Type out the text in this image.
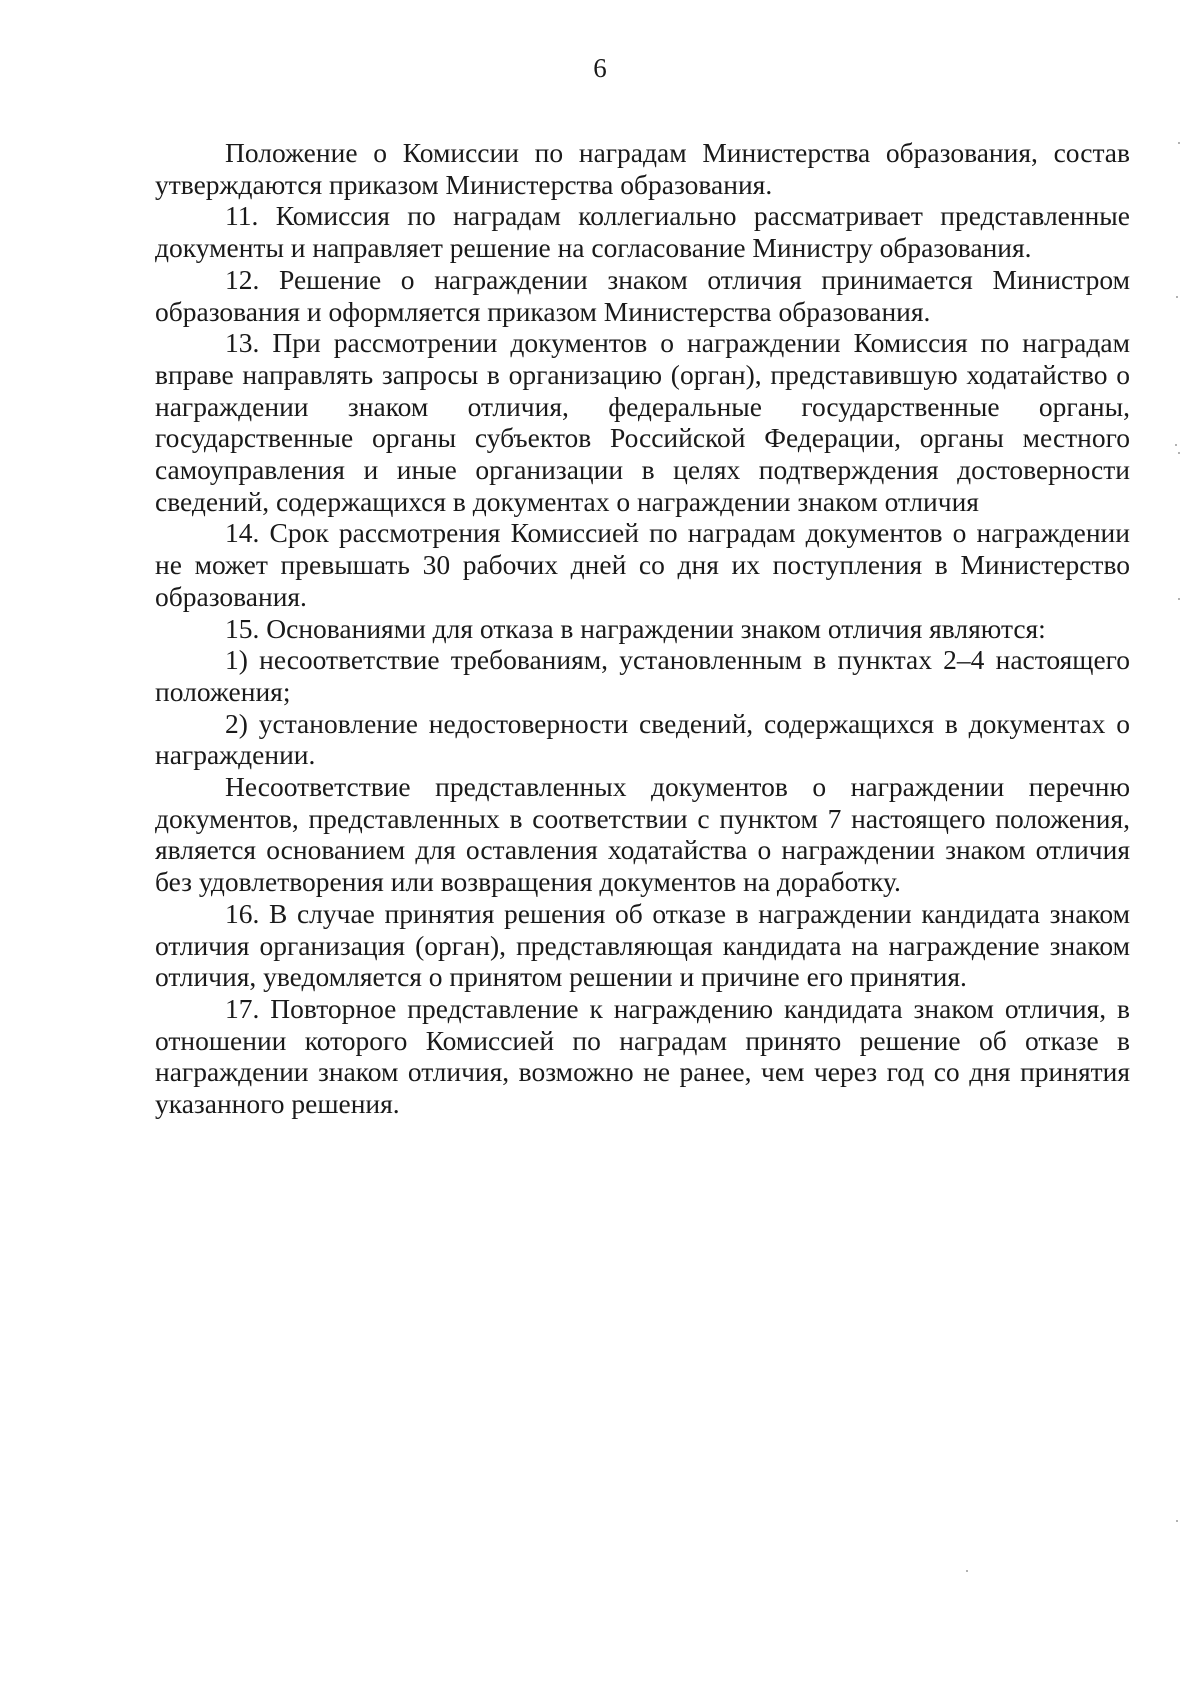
6

Положение о Комиссии по наградам Министерства образования, состав утверждаются приказом Министерства образования.

11. Комиссия по наградам коллегиально рассматривает представленные документы и направляет решение на согласование Министру образования.

12. Решение о награждении знаком отличия принимается Министром образования и оформляется приказом Министерства образования.

13. При рассмотрении документов о награждении Комиссия по наградам вправе направлять запросы в организацию (орган), представившую ходатайство о награждении знаком отличия, федеральные государственные органы, государственные органы субъектов Российской Федерации, органы местного самоуправления и иные организации в целях подтверждения достоверности сведений, содержащихся в документах о награждении знаком отличия

14. Срок рассмотрения Комиссией по наградам документов о награждении не может превышать 30 рабочих дней со дня их поступления в Министерство образования.

15. Основаниями для отказа в награждении знаком отличия являются:

1) несоответствие требованиям, установленным в пунктах 2–4 настоящего положения;

2) установление недостоверности сведений, содержащихся в документах о награждении.

Несоответствие представленных документов о награждении перечню документов, представленных в соответствии с пунктом 7 настоящего положения, является основанием для оставления ходатайства о награждении знаком отличия без удовлетворения или возвращения документов на доработку.

16. В случае принятия решения об отказе в награждении кандидата знаком отличия организация (орган), представляющая кандидата на награждение знаком отличия, уведомляется о принятом решении и причине его принятия.

17. Повторное представление к награждению кандидата знаком отличия, в отношении которого Комиссией по наградам принято решение об отказе в награждении знаком отличия, возможно не ранее, чем через год со дня принятия указанного решения.
